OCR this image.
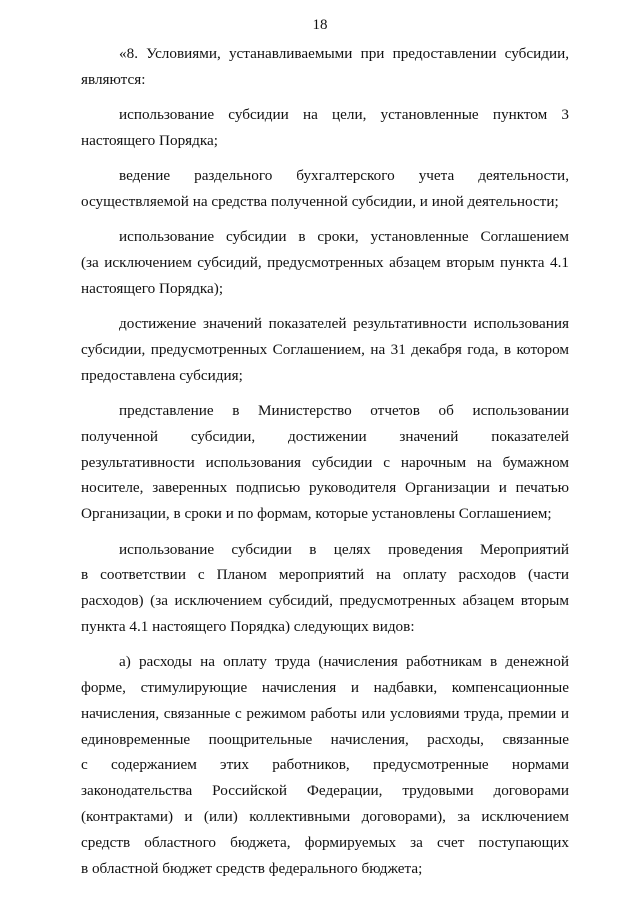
18
«8. Условиями, устанавливаемыми при предоставлении субсидии,
являются:
использование субсидии на цели, установленные пунктом 3
настоящего Порядка;
ведение раздельного бухгалтерского учета деятельности,
осуществляемой на средства полученной субсидии, и иной деятельности;
использование субсидии в сроки, установленные Соглашением
(за исключением субсидий, предусмотренных абзацем вторым пункта 4.1
настоящего Порядка);
достижение значений показателей результативности использования
субсидии, предусмотренных Соглашением, на 31 декабря года, в котором
предоставлена субсидия;
представление в Министерство отчетов об использовании
полученной субсидии, достижении значений показателей
результативности использования субсидии с нарочным на бумажном
носителе, заверенных подписью руководителя Организации и печатью
Организации, в сроки и по формам, которые установлены Соглашением;
использование субсидии в целях проведения Мероприятий
в соответствии с Планом мероприятий на оплату расходов (части
расходов) (за исключением субсидий, предусмотренных абзацем вторым
пункта 4.1 настоящего Порядка) следующих видов:
а) расходы на оплату труда (начисления работникам в денежной
форме, стимулирующие начисления и надбавки, компенсационные
начисления, связанные с режимом работы или условиями труда, премии и
единовременные поощрительные начисления, расходы, связанные
с содержанием этих работников, предусмотренные нормами
законодательства Российской Федерации, трудовыми договорами
(контрактами) и (или) коллективными договорами), за исключением
средств областного бюджета, формируемых за счет поступающих
в областной бюджет средств федерального бюджета;
